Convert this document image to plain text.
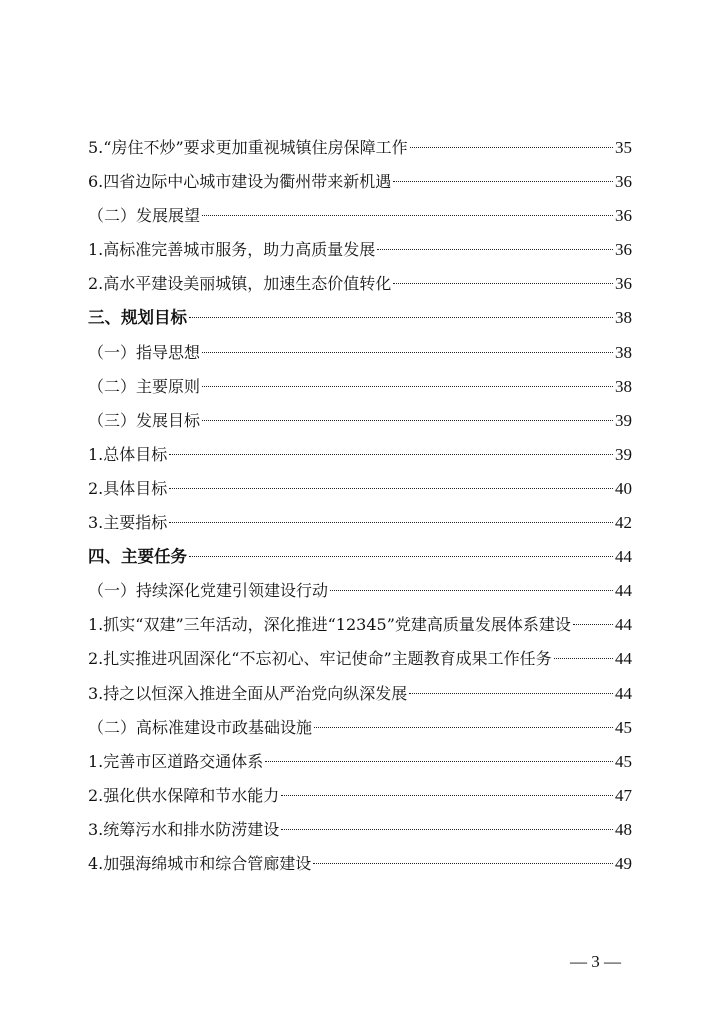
5.“房住不炒”要求更加重视城镇住房保障工作	35
6.四省边际中心城市建设为衢州带来新机遇	36
（二）发展展望	36
1.高标准完善城市服务，助力高质量发展	36
2.高水平建设美丽城镇，加速生态价值转化	36
三、规划目标	38
（一）指导思想	38
（二）主要原则	38
（三）发展目标	39
1.总体目标	39
2.具体目标	40
3.主要指标	42
四、主要任务	44
（一）持续深化党建引领建设行动	44
1.抓实“双建”三年活动，深化推进“12345”党建高质量发展体系建设	44
2.扎实推进巩固深化“不忘初心、牢记使命”主题教育成果工作任务	44
3.持之以恒深入推进全面从严治党向纵深发展	44
（二）高标准建设市政基础设施	45
1.完善市区道路交通体系	45
2.强化供水保障和节水能力	47
3.统筹污水和排水防涝建设	48
4.加强海绵城市和综合管廊建设	49
— 3 —
